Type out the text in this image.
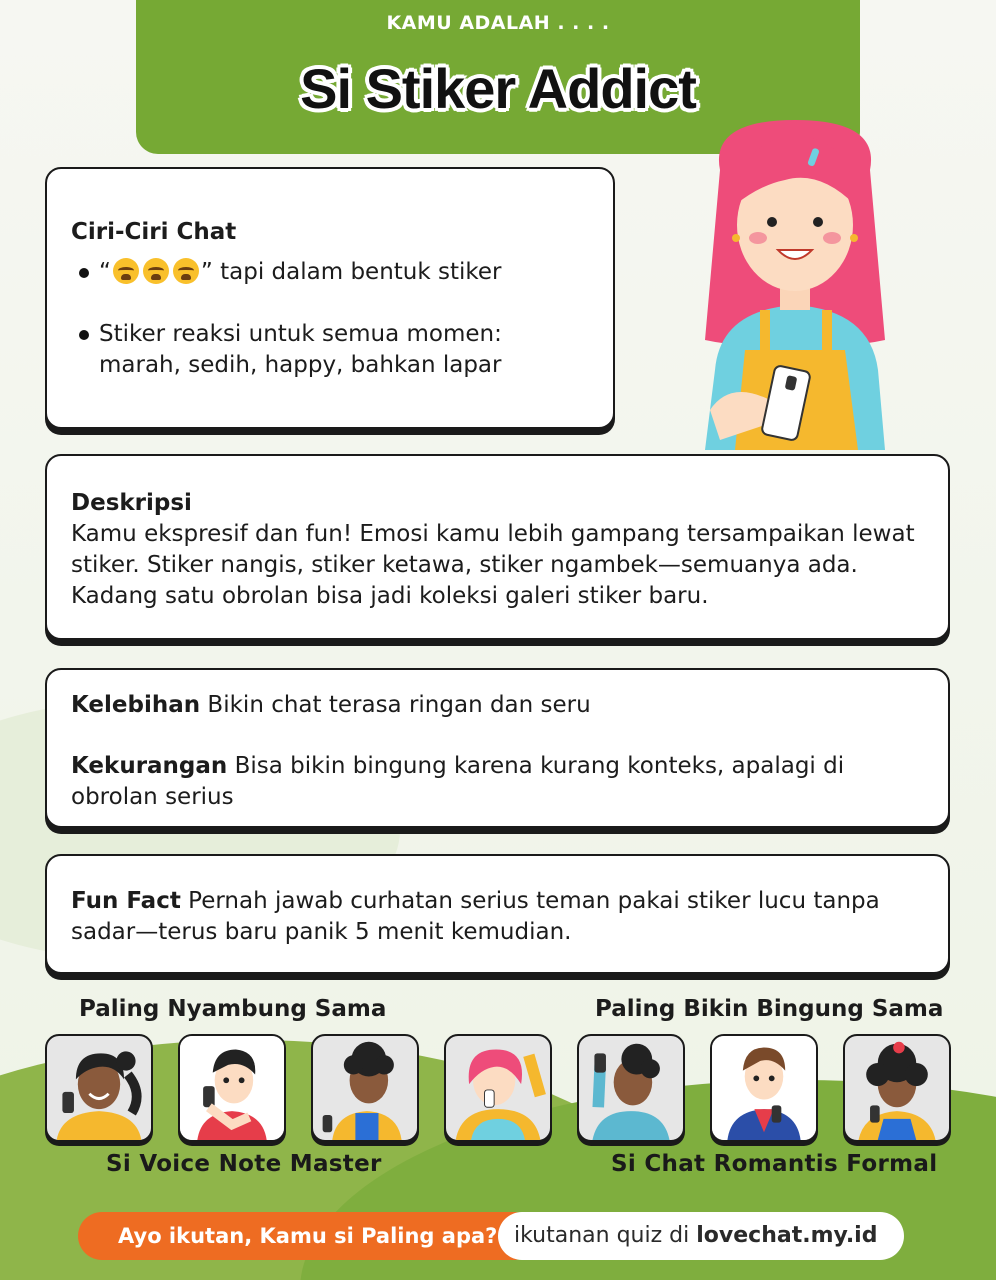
KAMU ADALAH . . . .
Si Stiker Addict
Ciri-Ciri Chat
“	” tapi dalam bentuk stiker
Stiker reaksi untuk semua momen: marah, sedih, happy, bahkan lapar
Deskripsi
Kamu ekspresif dan fun! Emosi kamu lebih gampang tersampaikan lewat stiker. Stiker nangis, stiker ketawa, stiker ngambek—semuanya ada. Kadang satu obrolan bisa jadi koleksi galeri stiker baru.
Kelebihan Bikin chat terasa ringan dan seru
Kekurangan Bisa bikin bingung karena kurang konteks, apalagi di obrolan serius
Fun Fact Pernah jawab curhatan serius teman pakai stiker lucu tanpa sadar—terus baru panik 5 menit kemudian.
Paling Nyambung Sama	Paling Bikin Bingung Sama
Si Voice Note Master	Si Chat Romantis Formal
Ayo ikutan, Kamu si Paling apa? ikutanan quiz di lovechat.my.id
